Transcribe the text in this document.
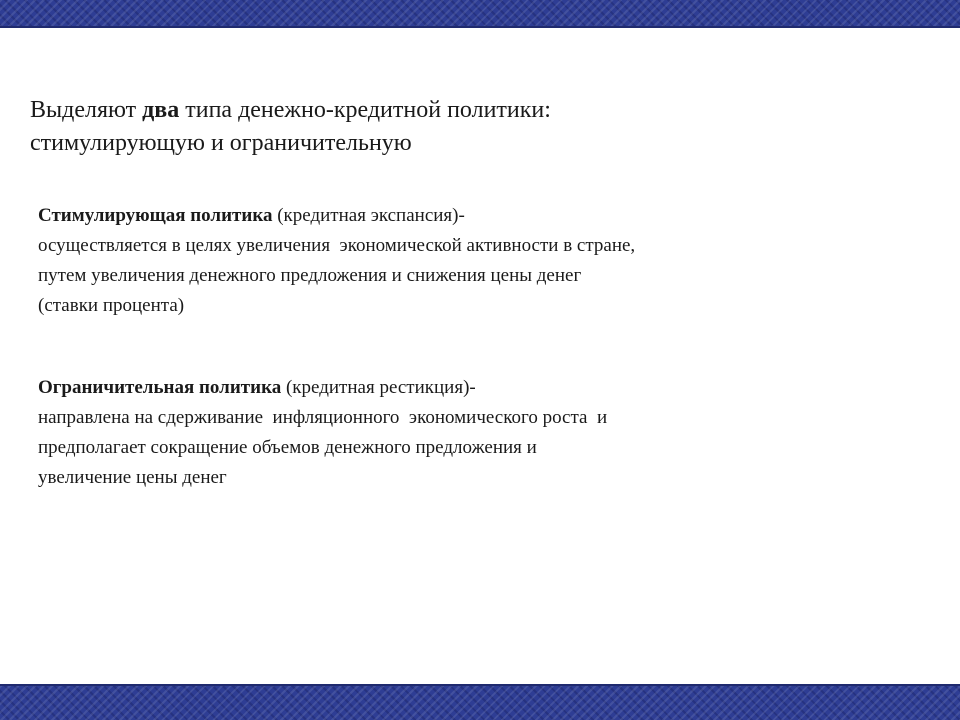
Выделяют два типа денежно-кредитной политики:
стимулирующую и ограничительную

Стимулирующая политика (кредитная экспансия)-
осуществляется в целях увеличения  экономической активности в стране,
путем увеличения денежного предложения и снижения цены денег
(ставки процента)

Ограничительная политика (кредитная рестикция)-
направлена на сдерживание  инфляционного  экономического роста  и
предполагает сокращение объемов денежного предложения и
увеличение цены денег
